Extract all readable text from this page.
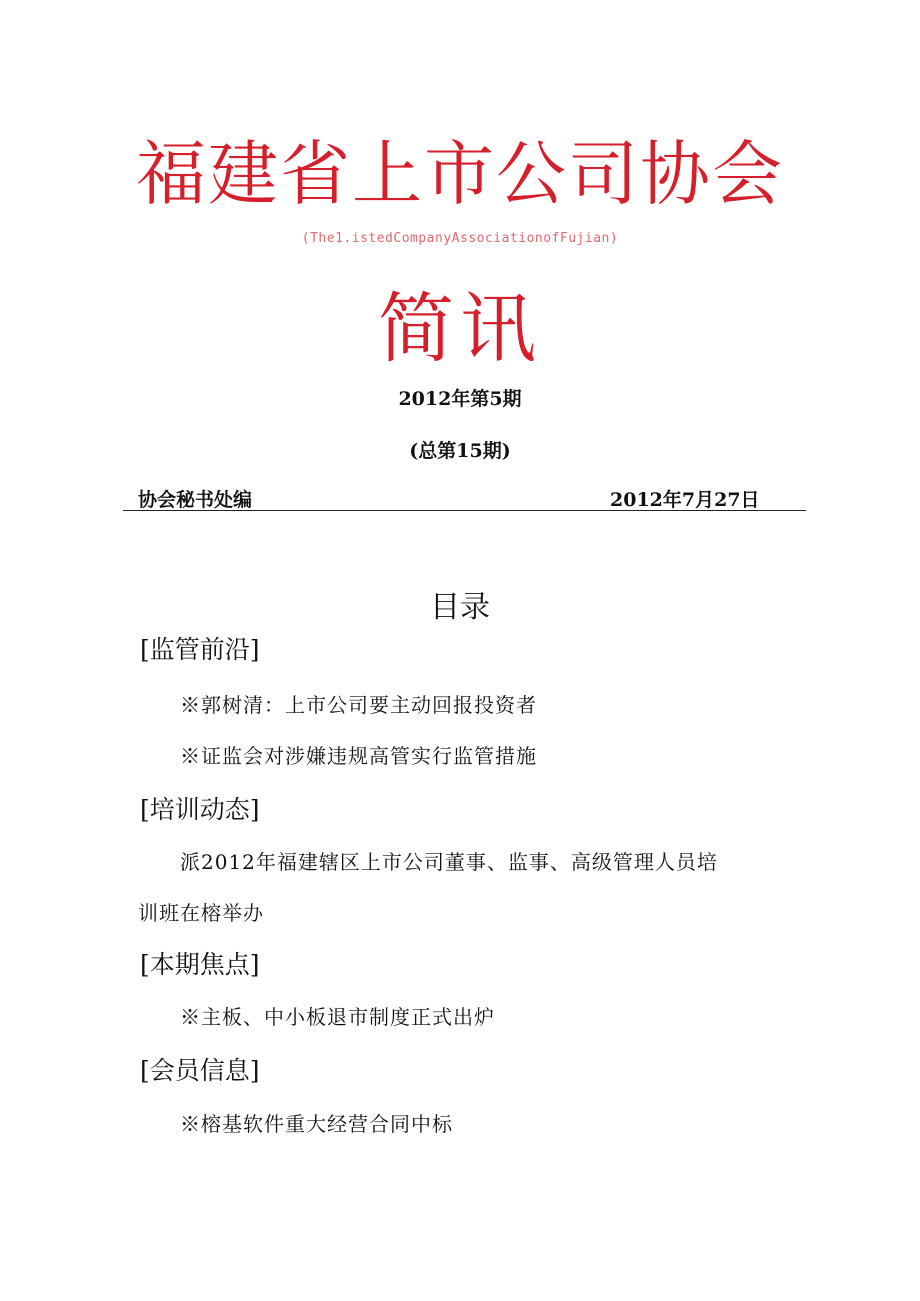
福建省上市公司协会
(The1.istedCompanyAssociationofFujian)
简讯
2012年第5期
(总第15期)
协会秘书处编	2012年7月27日
目录
[监管前沿]
※郭树清：上市公司要主动回报投资者
※证监会对涉嫌违规高管实行监管措施
[培训动态]
派2012年福建辖区上市公司董事、监事、高级管理人员培
训班在榕举办
[本期焦点]
※主板、中小板退市制度正式出炉
[会员信息]
※榕基软件重大经营合同中标
